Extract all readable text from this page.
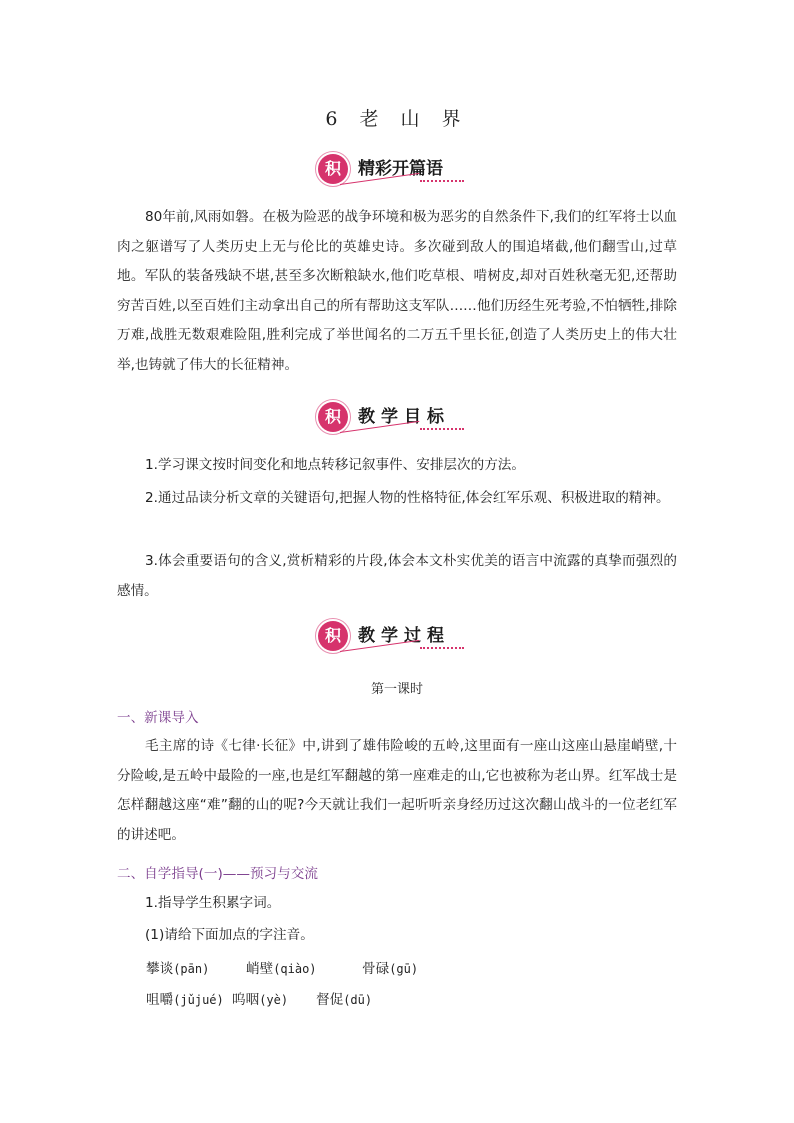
6 老 山 界
积	精彩开篇语
80年前,风雨如磐。在极为险恶的战争环境和极为恶劣的自然条件下,我们的红军将士以血肉之躯谱写了人类历史上无与伦比的英雄史诗。多次碰到敌人的围追堵截,他们翻雪山,过草地。军队的装备残缺不堪,甚至多次断粮缺水,他们吃草根、啃树皮,却对百姓秋毫无犯,还帮助穷苦百姓,以至百姓们主动拿出自己的所有帮助这支军队……他们历经生死考验,不怕牺牲,排除万难,战胜无数艰难险阻,胜利完成了举世闻名的二万五千里长征,创造了人类历史上的伟大壮举,也铸就了伟大的长征精神。
积	教学目标
1.学习课文按时间变化和地点转移记叙事件、安排层次的方法。
2.通过品读分析文章的关键语句,把握人物的性格特征,体会红军乐观、积极进取的精神。
3.体会重要语句的含义,赏析精彩的片段,体会本文朴实优美的语言中流露的真挚而强烈的感情。
积	教学过程
第一课时
一、新课导入
毛主席的诗《七律·长征》中,讲到了雄伟险峻的五岭,这里面有一座山这座山悬崖峭壁,十分险峻,是五岭中最险的一座,也是红军翻越的第一座难走的山,它也被称为老山界。红军战士是怎样翻越这座“难”翻的山的呢?今天就让我们一起听听亲身经历过这次翻山战斗的一位老红军的讲述吧。
二、自学指导(一)——预习与交流
1.指导学生积累字词。
(1)请给下面加点的字注音。
攀谈(pān)	峭壁(qiào)	骨碌(gū)
咀嚼(jǔjué) 呜咽(yè) 督促(dū)
